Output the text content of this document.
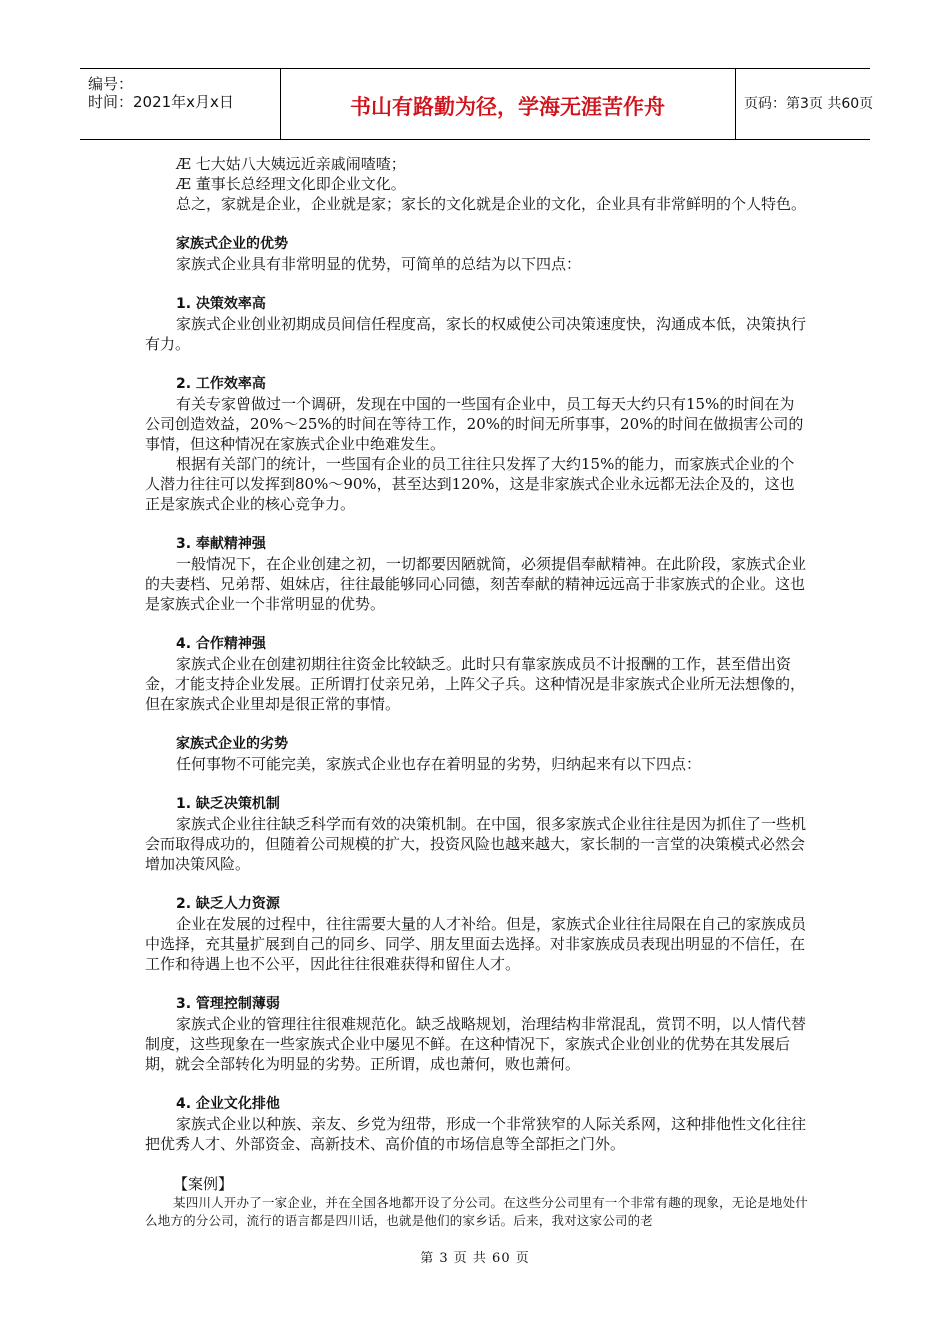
编号：
时间：2021年x月x日	书山有路勤为径，学海无涯苦作舟	页码：第3页 共60页

Æ 七大姑八大姨远近亲戚闹喳喳；

Æ 董事长总经理文化即企业文化。

总之，家就是企业，企业就是家；家长的文化就是企业的文化，企业具有非常鲜明的个人特色。

家族式企业的优势

家族式企业具有非常明显的优势，可简单的总结为以下四点：

1. 决策效率高

家族式企业创业初期成员间信任程度高，家长的权威使公司决策速度快，沟通成本低，决策执行有力。

2. 工作效率高

有关专家曾做过一个调研，发现在中国的一些国有企业中，员工每天大约只有15%的时间在为公司创造效益，20%～25%的时间在等待工作，20%的时间无所事事，20%的时间在做损害公司的事情，但这种情况在家族式企业中绝难发生。

根据有关部门的统计，一些国有企业的员工往往只发挥了大约15%的能力，而家族式企业的个人潜力往往可以发挥到80%～90%，甚至达到120%，这是非家族式企业永远都无法企及的，这也正是家族式企业的核心竞争力。

3. 奉献精神强

一般情况下，在企业创建之初，一切都要因陋就简，必须提倡奉献精神。在此阶段，家族式企业的夫妻档、兄弟帮、姐妹店，往往最能够同心同德，刻苦奉献的精神远远高于非家族式的企业。这也是家族式企业一个非常明显的优势。

4. 合作精神强

家族式企业在创建初期往往资金比较缺乏。此时只有靠家族成员不计报酬的工作，甚至借出资金，才能支持企业发展。正所谓打仗亲兄弟，上阵父子兵。这种情况是非家族式企业所无法想像的，但在家族式企业里却是很正常的事情。

家族式企业的劣势

任何事物不可能完美，家族式企业也存在着明显的劣势，归纳起来有以下四点：

1. 缺乏决策机制

家族式企业往往缺乏科学而有效的决策机制。在中国，很多家族式企业往往是因为抓住了一些机会而取得成功的，但随着公司规模的扩大，投资风险也越来越大，家长制的一言堂的决策模式必然会增加决策风险。

2. 缺乏人力资源

企业在发展的过程中，往往需要大量的人才补给。但是，家族式企业往往局限在自己的家族成员中选择，充其量扩展到自己的同乡、同学、朋友里面去选择。对非家族成员表现出明显的不信任，在工作和待遇上也不公平，因此往往很难获得和留住人才。

3. 管理控制薄弱

家族式企业的管理往往很难规范化。缺乏战略规划，治理结构非常混乱，赏罚不明，以人情代替制度，这些现象在一些家族式企业中屡见不鲜。在这种情况下，家族式企业创业的优势在其发展后期，就会全部转化为明显的劣势。正所谓，成也萧何，败也萧何。

4. 企业文化排他

家族式企业以种族、亲友、乡党为纽带，形成一个非常狭窄的人际关系网，这种排他性文化往往把优秀人才、外部资金、高新技术、高价值的市场信息等全部拒之门外。

【案例】

某四川人开办了一家企业，并在全国各地都开设了分公司。在这些分公司里有一个非常有趣的现象，无论是地处什么地方的分公司，流行的语言都是四川话，也就是他们的家乡话。后来，我对这家公司的老

第 3 页 共 60 页
